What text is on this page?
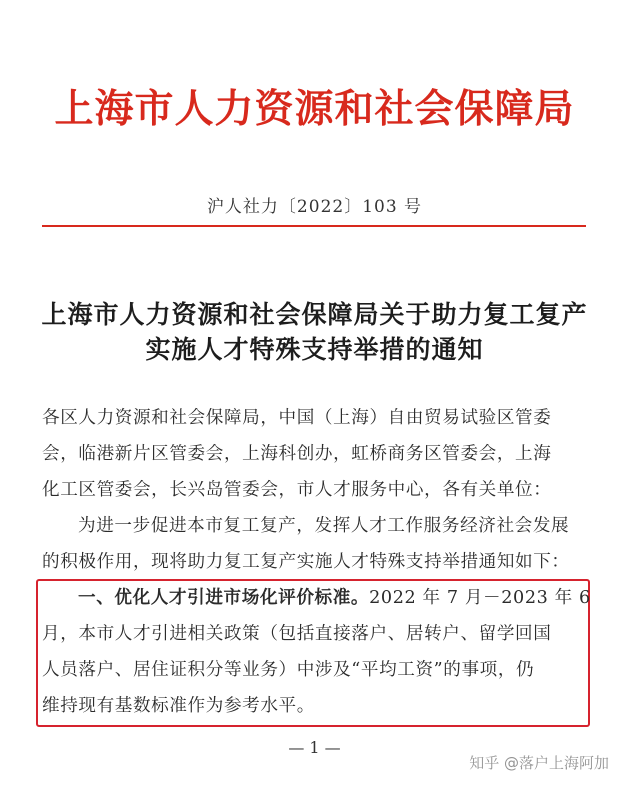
上海市人力资源和社会保障局
沪人社力〔2022〕103 号
上海市人力资源和社会保障局关于助力复工复产
实施人才特殊支持举措的通知
各区人力资源和社会保障局，中国（上海）自由贸易试验区管委
会，临港新片区管委会，上海科创办，虹桥商务区管委会，上海
化工区管委会，长兴岛管委会，市人才服务中心，各有关单位：
为进一步促进本市复工复产，发挥人才工作服务经济社会发展
的积极作用，现将助力复工复产实施人才特殊支持举措通知如下：
一、优化人才引进市场化评价标准。2022 年 7 月－2023 年 6
月，本市人才引进相关政策（包括直接落户、居转户、留学回国
人员落户、居住证积分等业务）中涉及“平均工资”的事项，仍
维持现有基数标准作为参考水平。
— 1 —
知乎 @落户上海阿加
